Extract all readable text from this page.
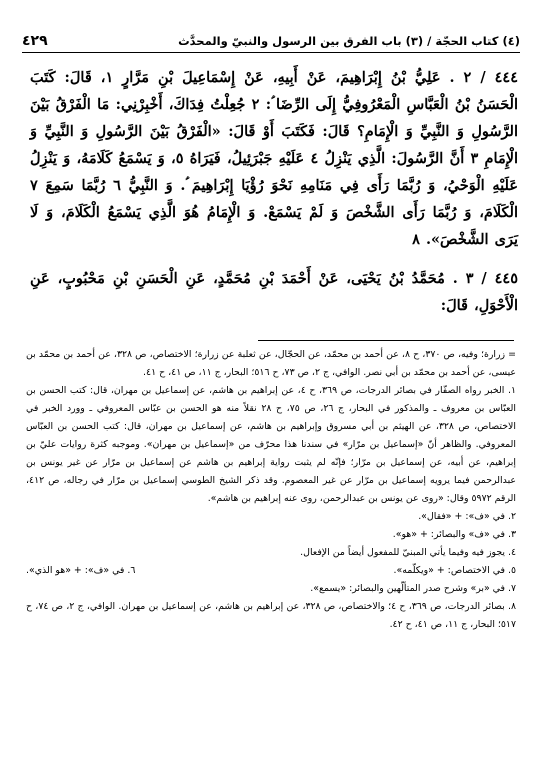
٤٢٩	(٤) كتاب الحجّة / (٣) باب الفرق بين الرسول والنبيّ والمحدَّث

٤٤٤ / ٢ . عَلِيُّ بْنُ إِبْرَاهِيمَ، عَنْ أَبِيهِ، عَنْ إِسْمَاعِيلَ بْنِ مَرَّارٍ ١، قَالَ: كَتَبَ الْحَسَنُ بْنُ الْعَبَّاسِ الْمَعْرُوفِيُّ إِلَى الرِّضَا ؑ: ٢ جُعِلْتُ فِدَاكَ، أَخْبِرْنِي: مَا الْفَرْقُ بَيْنَ الرَّسُولِ وَ النَّبِيِّ وَ الْإِمَامِ؟ قَالَ: فَكَتَبَ أَوْ قَالَ: «الْفَرْقُ بَيْنَ الرَّسُولِ وَ النَّبِيِّ وَ الْإِمَامِ ٣ أَنَّ الرَّسُولَ: الَّذِي يَنْزِلُ ٤ عَلَيْهِ جَبْرَئِيلُ، فَيَرَاهُ ٥، وَ يَسْمَعُ كَلَامَهُ، وَ يَنْزِلُ عَلَيْهِ الْوَحْيُ، وَ رُبَّمَا رَأَى فِي مَنَامِهِ نَحْوَ رُؤْيَا إِبْرَاهِيمَ ؑ. وَ النَّبِيُّ ٦ رُبَّمَا سَمِعَ ٧ الْكَلَامَ، وَ رُبَّمَا رَأَى الشَّخْصَ وَ لَمْ يَسْمَعْ. وَ الْإِمَامُ هُوَ الَّذِي يَسْمَعُ الْكَلَامَ، وَ لَا يَرَى الشَّخْصَ». ٨

٤٤٥ / ٣ . مُحَمَّدُ بْنُ يَحْيَى، عَنْ أَحْمَدَ بْنِ مُحَمَّدٍ، عَنِ الْحَسَنِ بْنِ مَحْبُوبٍ، عَنِ الْأَحْوَلِ، قَالَ:

= زرارة؛ وفيه، ص ٣٧٠، ح ٨، عن أحمد بن محمّد، عن الحجّال، عن ثعلبة عن زرارة؛ الاختصاص، ص ٣٢٨، عن أحمد بن محمّد بن عيسى، عن أحمد بن محمّد بن أبي نصر. الوافي، ج ٢، ص ٧٣، ح ٥١٦؛ البحار، ج ١١، ص ٤١، ح ٤١.

١. الخبر رواه الصفّار في بصائر الدرجات، ص ٣٦٩، ح ٤، عن إبراهيم بن هاشم، عن إسماعيل بن مهران، قال: كتب الحسن بن العبّاس بن معروف ـ والمذكور في البحار، ج ٢٦، ص ٧٥، ح ٢٨ نقلاً منه هو الحسن بن عبّاس المعروفي ـ وورد الخبر في الاختصاص، ص ٣٢٨، عن الهيثم بن أبي مسروق وإبراهيم بن هاشم، عن إسماعيل بن مهران، قال: كتب الحسن بن العبّاس المعروفي. والظاهر أنّ «إسماعيل بن مرّار» في سندنا هذا محرّف من «إسماعيل بن مهران». وموجبه كثرة روايات عليّ بن إبراهيم، عن أبيه، عن إسماعيل بن مرّار؛ فإنّه لم يثبت رواية إبراهيم بن هاشم عن إسماعيل بن مرّار عن غير يونس بن عبدالرحمن فيما يرويه إسماعيل بن مرّار عن غير المعصوم. وقد ذكر الشيخ الطوسي إسماعيل بن مرّار في رجاله، ص ٤١٢، الرقم ٥٩٧٢ وقال: «روى عن يونس بن عبدالرحمن، روى عنه إبراهيم بن هاشم».

٢. في «ف»: + «فقال».

٣. في «ف» والبصائر: + «هو».

٤. يجوز فيه وفيما يأتي المبنيّ للمفعول أيضاً من الإفعال.

٥. في الاختصاص: + «ويكلّمه».
٦. في «ف»: + «هو الذي».

٧. في «بر» وشرح صدر المتألّهين والبصائر: «يسمع».

٨. بصائر الدرجات، ص ٣٦٩، ح ٤؛ والاختصاص، ص ٣٢٨، عن إبراهيم بن هاشم، عن إسماعيل بن مهران. الوافي، ج ٢، ص ٧٤، ح ٥١٧؛ البحار، ج ١١، ص ٤١، ح ٤٢.
